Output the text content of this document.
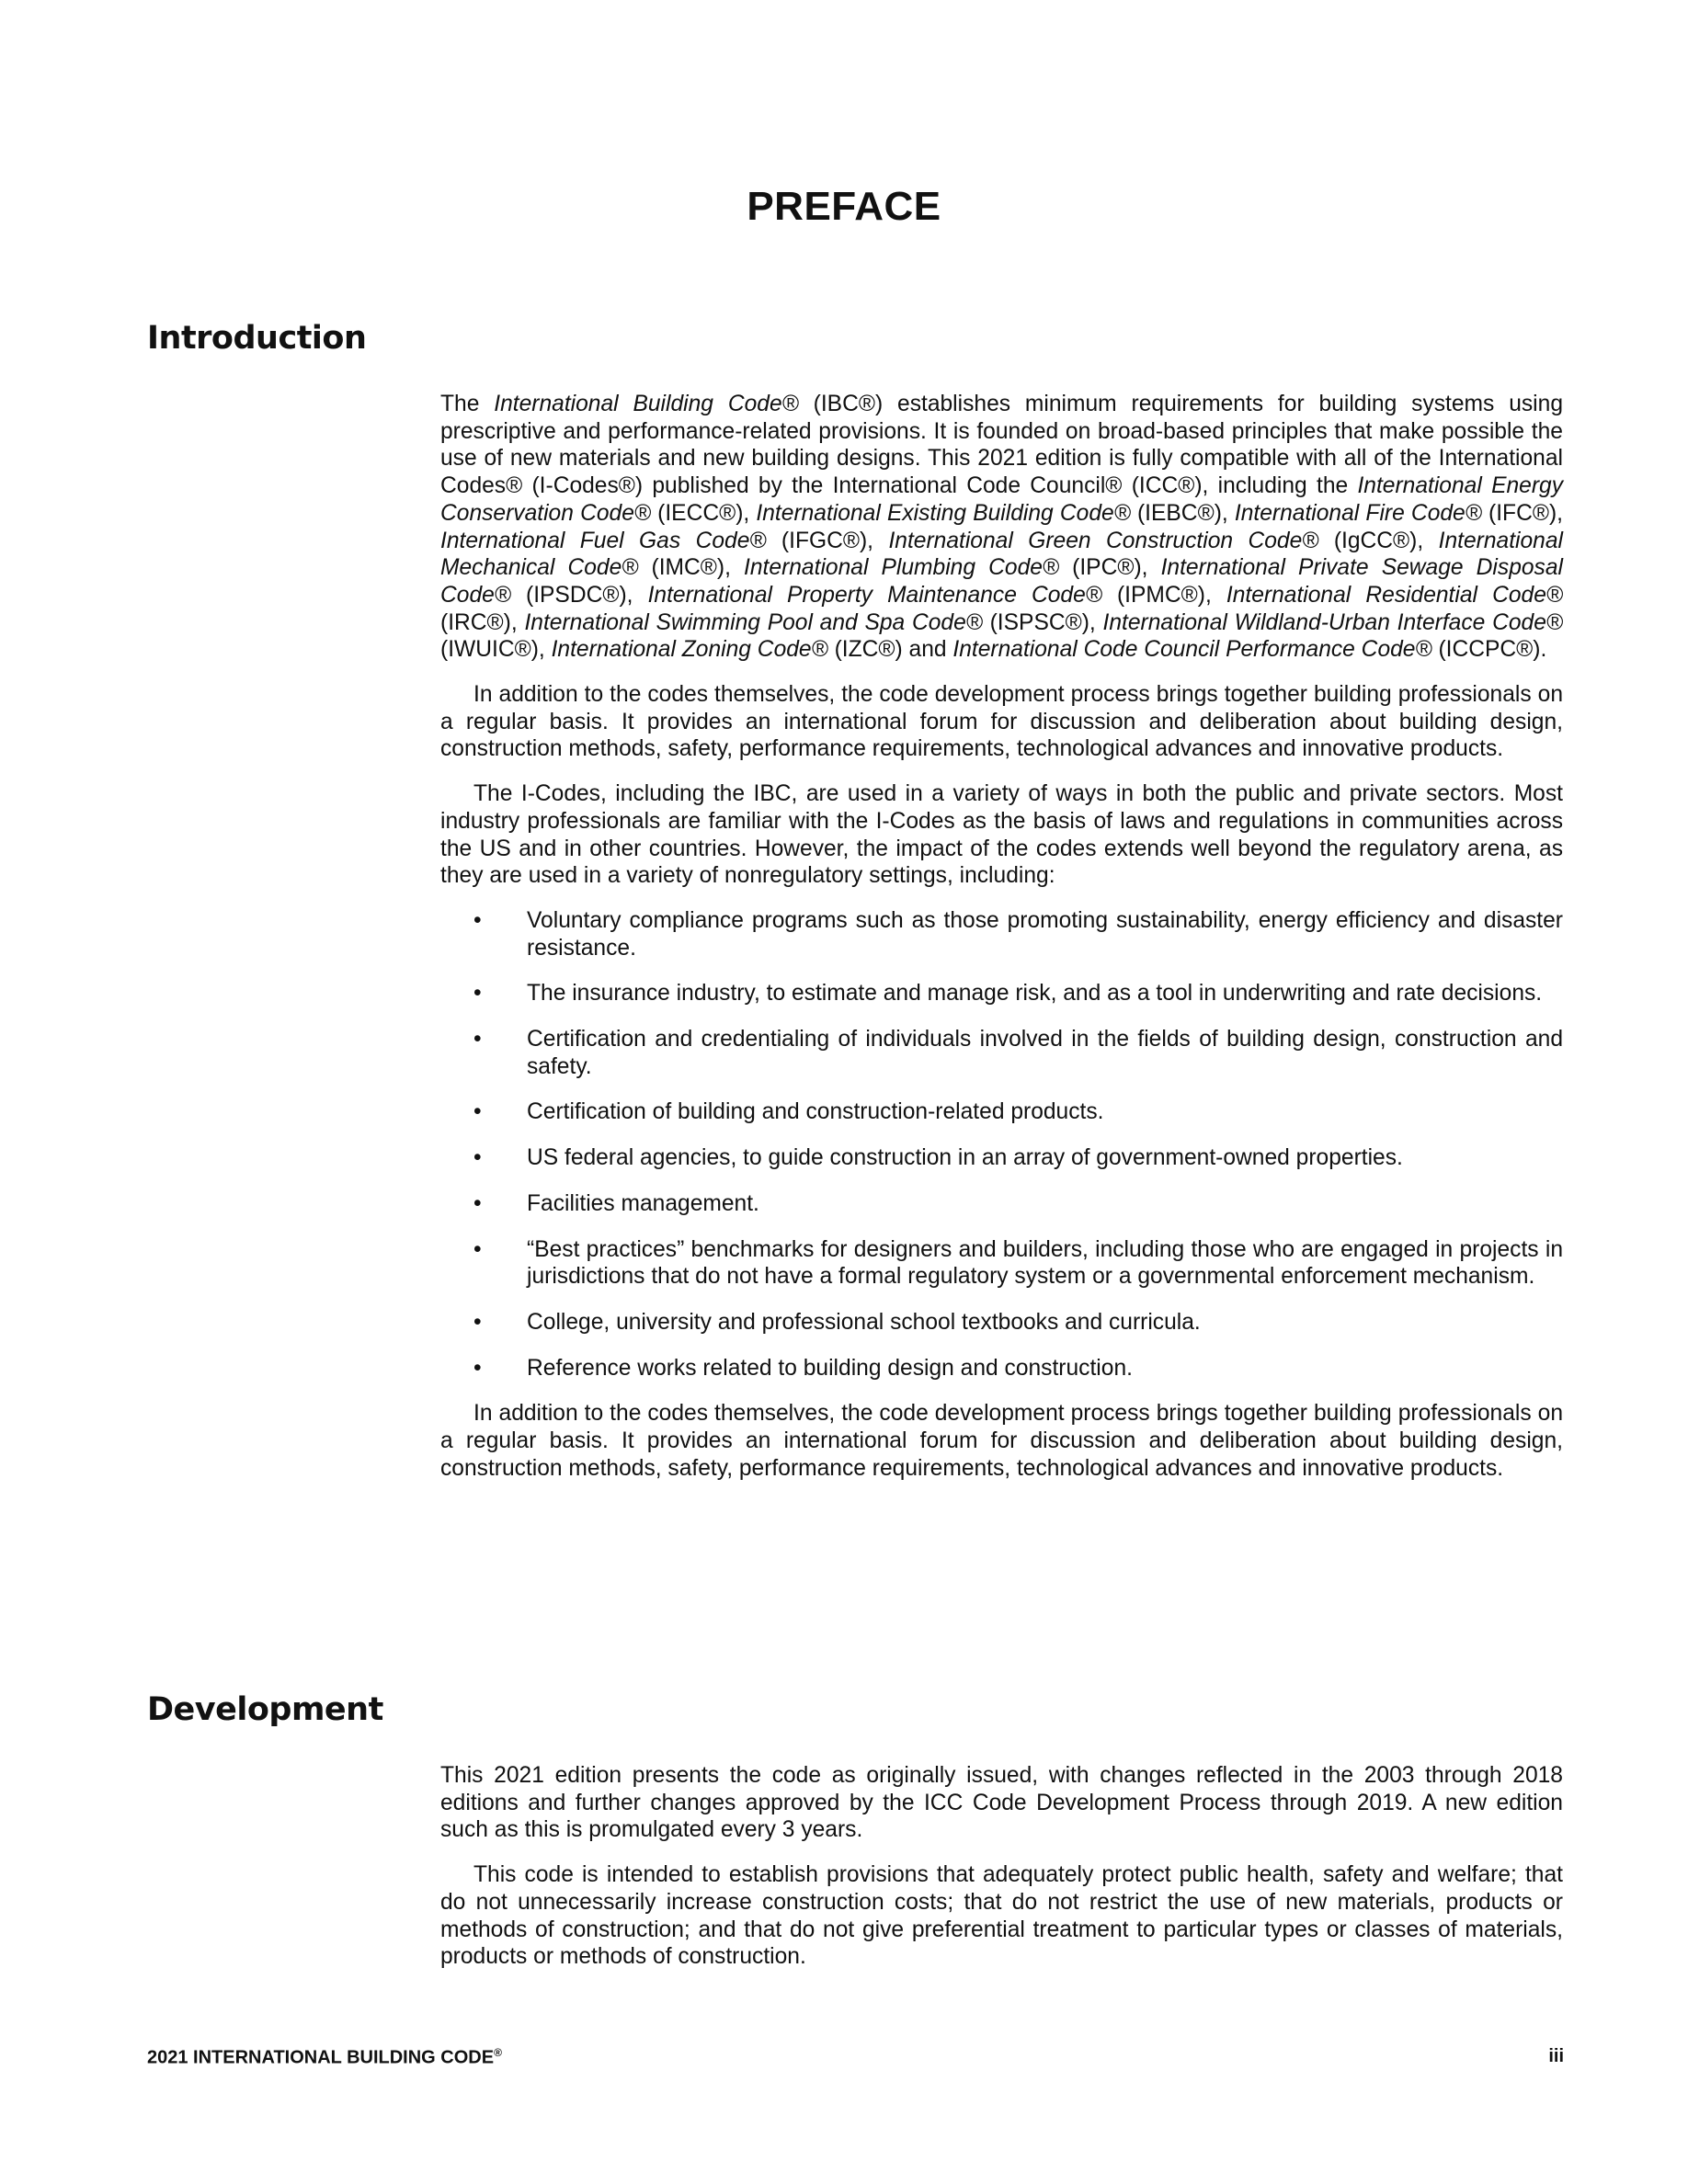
PREFACE
Introduction

The International Building Code® (IBC®) establishes minimum requirements for building systems using prescriptive and performance-related provisions. It is founded on broad-based principles that make possible the use of new materials and new building designs. This 2021 edition is fully compatible with all of the International Codes® (I-Codes®) published by the International Code Council® (ICC®), including the International Energy Conservation Code® (IECC®), International Existing Building Code® (IEBC®), International Fire Code® (IFC®), International Fuel Gas Code® (IFGC®), International Green Construction Code® (IgCC®), International Mechanical Code® (IMC®), International Plumbing Code® (IPC®), International Private Sewage Disposal Code® (IPSDC®), International Property Maintenance Code® (IPMC®), International Residential Code® (IRC®), International Swimming Pool and Spa Code® (ISPSC®), International Wildland-Urban Interface Code® (IWUIC®), International Zoning Code® (IZC®) and International Code Council Performance Code® (ICCPC®).

In addition to the codes themselves, the code development process brings together building professionals on a regular basis. It provides an international forum for discussion and deliberation about building design, construction methods, safety, performance requirements, technological advances and innovative products.

The I-Codes, including the IBC, are used in a variety of ways in both the public and private sectors. Most industry professionals are familiar with the I-Codes as the basis of laws and regulations in communities across the US and in other countries. However, the impact of the codes extends well beyond the regulatory arena, as they are used in a variety of nonregulatory settings, including:

• Voluntary compliance programs such as those promoting sustainability, energy efficiency and disaster resistance.
• The insurance industry, to estimate and manage risk, and as a tool in underwriting and rate decisions.
• Certification and credentialing of individuals involved in the fields of building design, construction and safety.
• Certification of building and construction-related products.
• US federal agencies, to guide construction in an array of government-owned properties.
• Facilities management.
• “Best practices” benchmarks for designers and builders, including those who are engaged in projects in jurisdictions that do not have a formal regulatory system or a governmental enforcement mechanism.
• College, university and professional school textbooks and curricula.
• Reference works related to building design and construction.

In addition to the codes themselves, the code development process brings together building professionals on a regular basis. It provides an international forum for discussion and deliberation about building design, construction methods, safety, performance requirements, technological advances and innovative products.

Development

This 2021 edition presents the code as originally issued, with changes reflected in the 2003 through 2018 editions and further changes approved by the ICC Code Development Process through 2019. A new edition such as this is promulgated every 3 years.

This code is intended to establish provisions that adequately protect public health, safety and welfare; that do not unnecessarily increase construction costs; that do not restrict the use of new materials, products or methods of construction; and that do not give preferential treatment to particular types or classes of materials, products or methods of construction.

2021 INTERNATIONAL BUILDING CODE®	iii
